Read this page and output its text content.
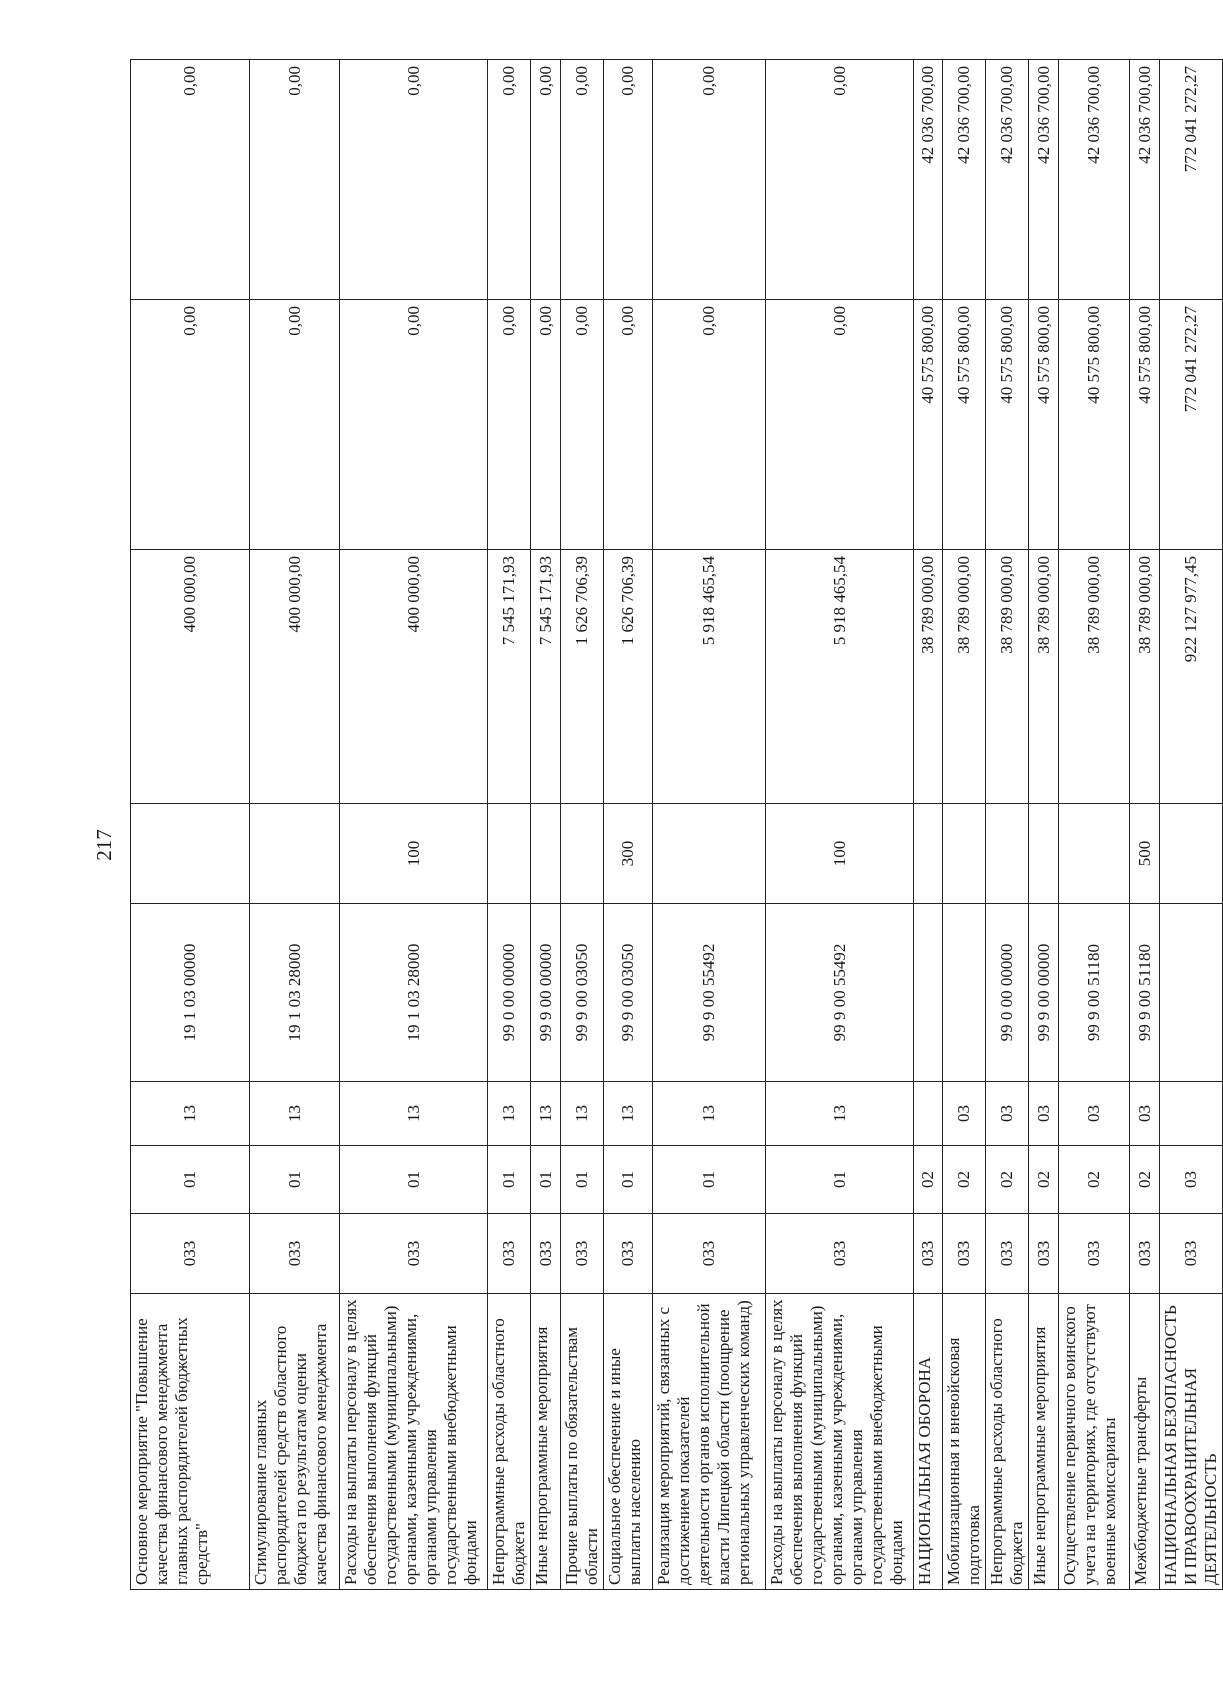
217
Основное мероприятие "Повышение качества финансового менеджмента главных распорядителей бюджетных средств"	033	01	13	19 1 03 00000		400 000,00	0,00	0,00
Стимулирование главных распорядителей средств областного бюджета по результатам оценки качества финансового менеджмента	033	01	13	19 1 03 28000		400 000,00	0,00	0,00
Расходы на выплаты персоналу в целях обеспечения выполнения функций государственными (муниципальными) органами, казенными учреждениями, органами управления государственными внебюджетными фондами	033	01	13	19 1 03 28000	100	400 000,00	0,00	0,00
Непрограммные расходы областного бюджета	033	01	13	99 0 00 00000		7 545 171,93	0,00	0,00
Иные непрограммные мероприятия	033	01	13	99 9 00 00000		7 545 171,93	0,00	0,00
Прочие выплаты по обязательствам области	033	01	13	99 9 00 03050		1 626 706,39	0,00	0,00
Социальное обеспечение и иные выплаты населению	033	01	13	99 9 00 03050	300	1 626 706,39	0,00	0,00
Реализация мероприятий, связанных с достижением показателей деятельности органов исполнительной власти Липецкой области (поощрение региональных управленческих команд)	033	01	13	99 9 00 55492		5 918 465,54	0,00	0,00
Расходы на выплаты персоналу в целях обеспечения выполнения функций государственными (муниципальными) органами, казенными учреждениями, органами управления государственными внебюджетными фондами	033	01	13	99 9 00 55492	100	5 918 465,54	0,00	0,00
НАЦИОНАЛЬНАЯ ОБОРОНА	033	02				38 789 000,00	40 575 800,00	42 036 700,00
Мобилизационная и вневойсковая подготовка	033	02	03			38 789 000,00	40 575 800,00	42 036 700,00
Непрограммные расходы областного бюджета	033	02	03	99 0 00 00000		38 789 000,00	40 575 800,00	42 036 700,00
Иные непрограммные мероприятия	033	02	03	99 9 00 00000		38 789 000,00	40 575 800,00	42 036 700,00
Осуществление первичного воинского учета на территориях, где отсутствуют военные комиссариаты	033	02	03	99 9 00 51180		38 789 000,00	40 575 800,00	42 036 700,00
Межбюджетные трансферты	033	02	03	99 9 00 51180	500	38 789 000,00	40 575 800,00	42 036 700,00
НАЦИОНАЛЬНАЯ БЕЗОПАСНОСТЬ И ПРАВООХРАНИТЕЛЬНАЯ ДЕЯТЕЛЬНОСТЬ	033	03				922 127 977,45	772 041 272,27	772 041 272,27
